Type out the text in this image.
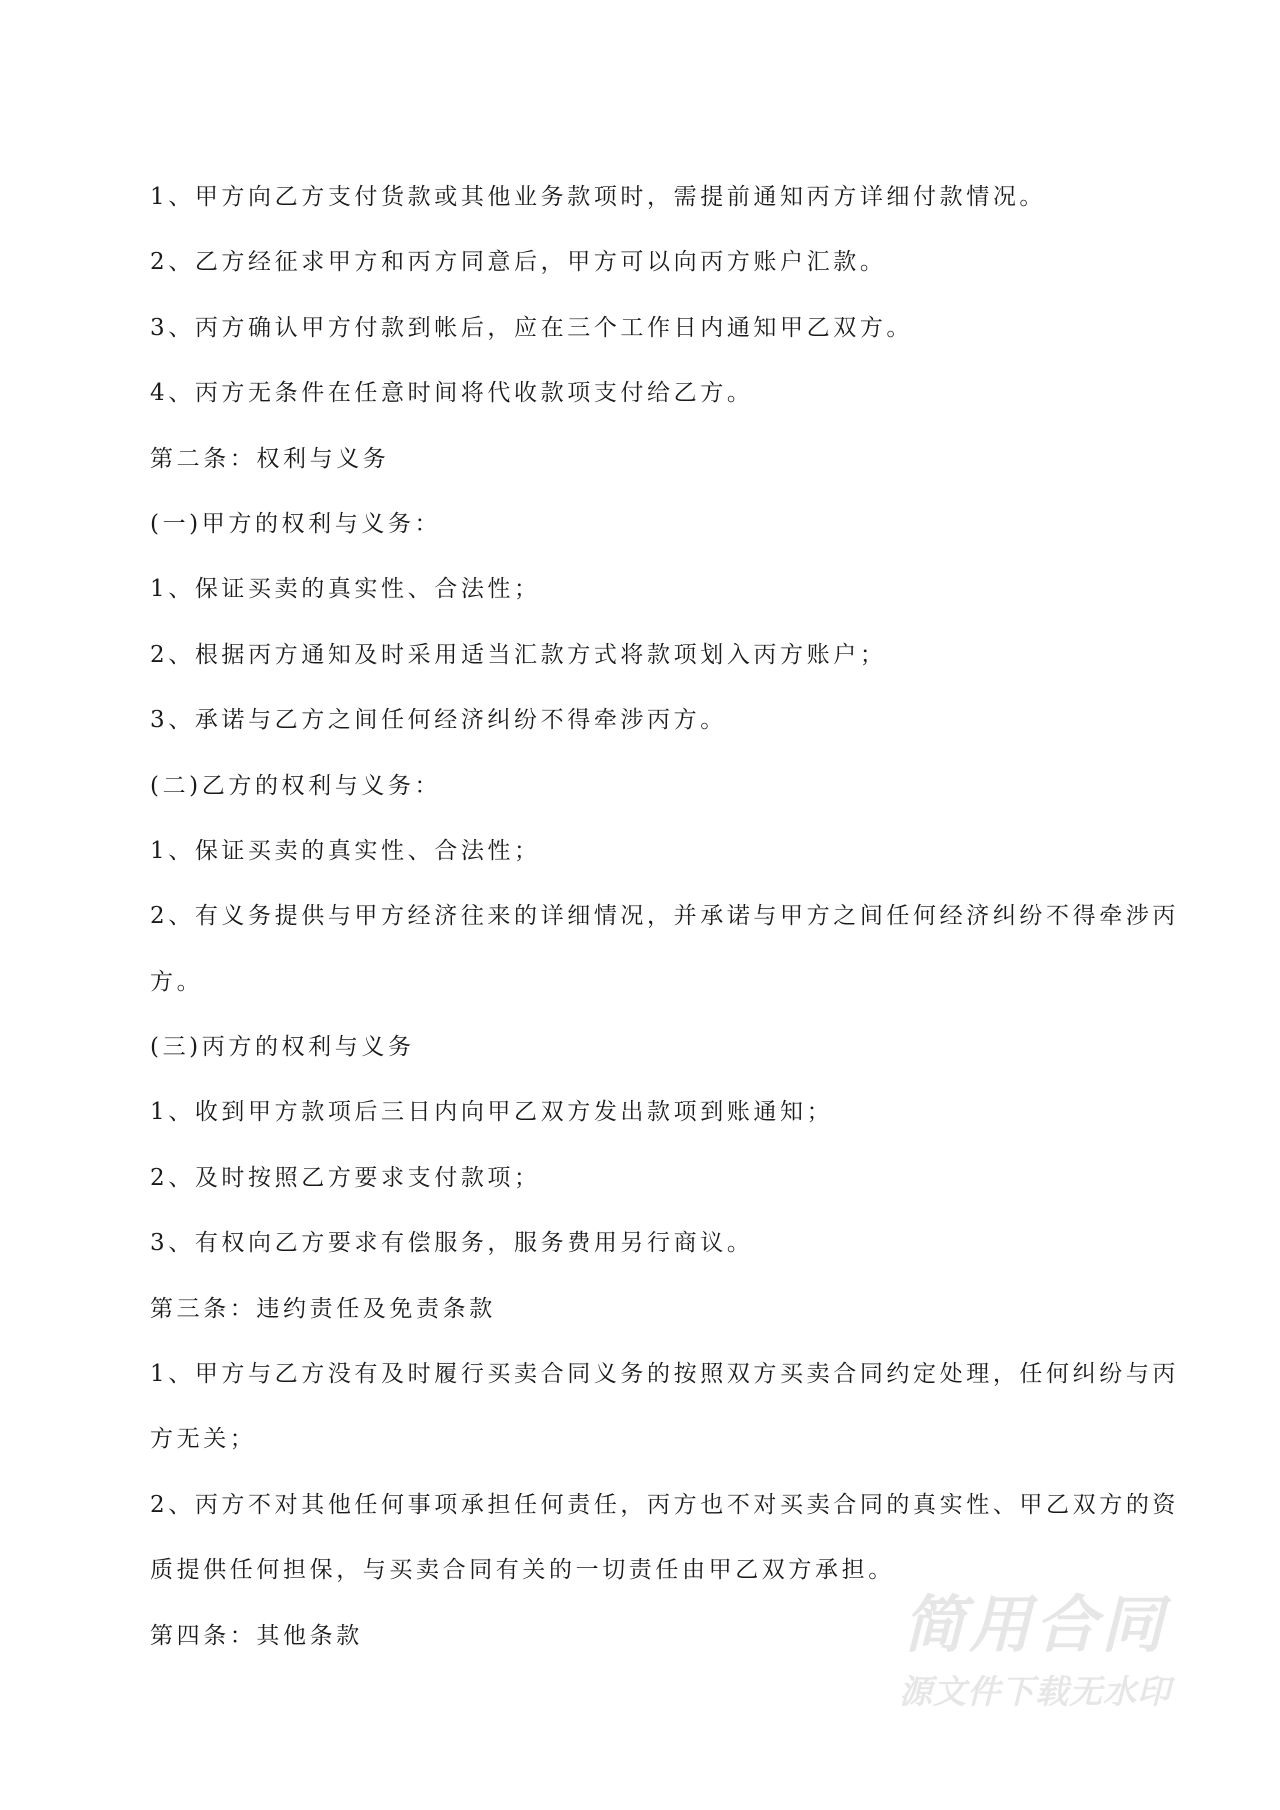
1、甲方向乙方支付货款或其他业务款项时，需提前通知丙方详细付款情况。
2、乙方经征求甲方和丙方同意后，甲方可以向丙方账户汇款。
3、丙方确认甲方付款到帐后，应在三个工作日内通知甲乙双方。
4、丙方无条件在任意时间将代收款项支付给乙方。
第二条：权利与义务
(一)甲方的权利与义务：
1、保证买卖的真实性、合法性；
2、根据丙方通知及时采用适当汇款方式将款项划入丙方账户；
3、承诺与乙方之间任何经济纠纷不得牵涉丙方。
(二)乙方的权利与义务：
1、保证买卖的真实性、合法性；
2、有义务提供与甲方经济往来的详细情况，并承诺与甲方之间任何经济纠纷不得牵涉丙
方。
(三)丙方的权利与义务
1、收到甲方款项后三日内向甲乙双方发出款项到账通知；
2、及时按照乙方要求支付款项；
3、有权向乙方要求有偿服务，服务费用另行商议。
第三条：违约责任及免责条款
1、甲方与乙方没有及时履行买卖合同义务的按照双方买卖合同约定处理，任何纠纷与丙
方无关；
2、丙方不对其他任何事项承担任何责任，丙方也不对买卖合同的真实性、甲乙双方的资
质提供任何担保，与买卖合同有关的一切责任由甲乙双方承担。
第四条：其他条款	简用合同
源文件下载无水印
